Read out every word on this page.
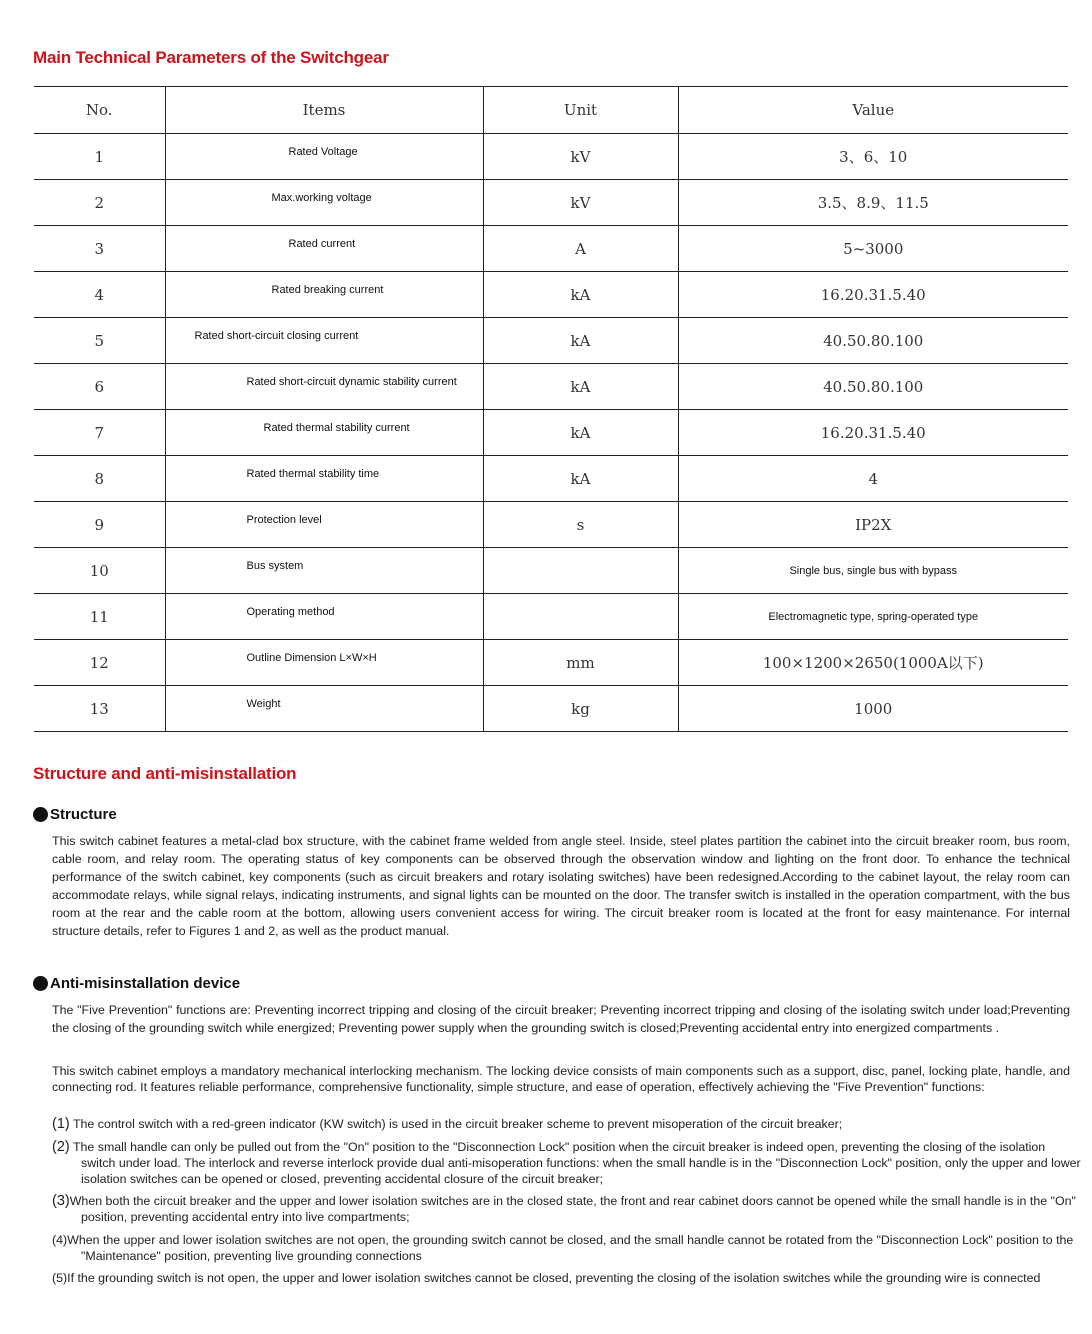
Main Technical Parameters of the Switchgear
No.	Items	Unit	Value
1	Rated Voltage	kV	3、6、10
2	Max.working voltage	kV	3.5、8.9、11.5
3	Rated current	A	5~3000
4	Rated breaking current	kA	16.20.31.5.40
5	Rated short-circuit closing current	kA	40.50.80.100
6	Rated short-circuit dynamic stability current	kA	40.50.80.100
7	Rated thermal stability current	kA	16.20.31.5.40
8	Rated thermal stability time	kA	4
9	Protection level	s	IP2X
10	Bus system		Single bus, single bus with bypass
11	Operating method		Electromagnetic type, spring-operated type
12	Outline Dimension L×W×H	mm	100×1200×2650(1000A以下)
13	Weight	kg	1000
Structure and anti-misinstallation
Structure

This switch cabinet features a metal-clad box structure, with the cabinet frame welded from angle steel. Inside, steel plates partition the cabinet into the circuit breaker room, bus room, cable room, and relay room. The operating status of key components can be observed through the observation window and lighting on the front door. To enhance the technical performance of the switch cabinet, key components (such as circuit breakers and rotary isolating switches) have been redesigned.According to the cabinet layout, the relay room can accommodate relays, while signal relays, indicating instruments, and signal lights can be mounted on the door. The transfer switch is installed in the operation compartment, with the bus room at the rear and the cable room at the bottom, allowing users convenient access for wiring. The circuit breaker room is located at the front for easy maintenance. For internal structure details, refer to Figures 1 and 2, as well as the product manual.

Anti-misinstallation device

The "Five Prevention" functions are: Preventing incorrect tripping and closing of the circuit breaker; Preventing incorrect tripping and closing of the isolating switch under load;Preventing the closing of the grounding switch while energized; Preventing power supply when the grounding switch is closed;Preventing accidental entry into energized compartments .

This switch cabinet employs a mandatory mechanical interlocking mechanism. The locking device consists of main components such as a support, disc, panel, locking plate, handle, and connecting rod. It features reliable performance, comprehensive functionality, simple structure, and ease of operation, effectively achieving the "Five Prevention" functions:

(1) The control switch with a red-green indicator (KW switch) is used in the circuit breaker scheme to prevent misoperation of the circuit breaker;
(2) The small handle can only be pulled out from the "On" position to the "Disconnection Lock" position when the circuit breaker is indeed open, preventing the closing of the isolation switch under load. The interlock and reverse interlock provide dual anti-misoperation functions: when the small handle is in the "Disconnection Lock" position, only the upper and lower isolation switches can be opened or closed, preventing accidental closure of the circuit breaker;
(3)When both the circuit breaker and the upper and lower isolation switches are in the closed state, the front and rear cabinet doors cannot be opened while the small handle is in the "On" position, preventing accidental entry into live compartments;
(4)When the upper and lower isolation switches are not open, the grounding switch cannot be closed, and the small handle cannot be rotated from the "Disconnection Lock" position to the "Maintenance" position, preventing live grounding connections
(5)If the grounding switch is not open, the upper and lower isolation switches cannot be closed, preventing the closing of the isolation switches while the grounding wire is connected
